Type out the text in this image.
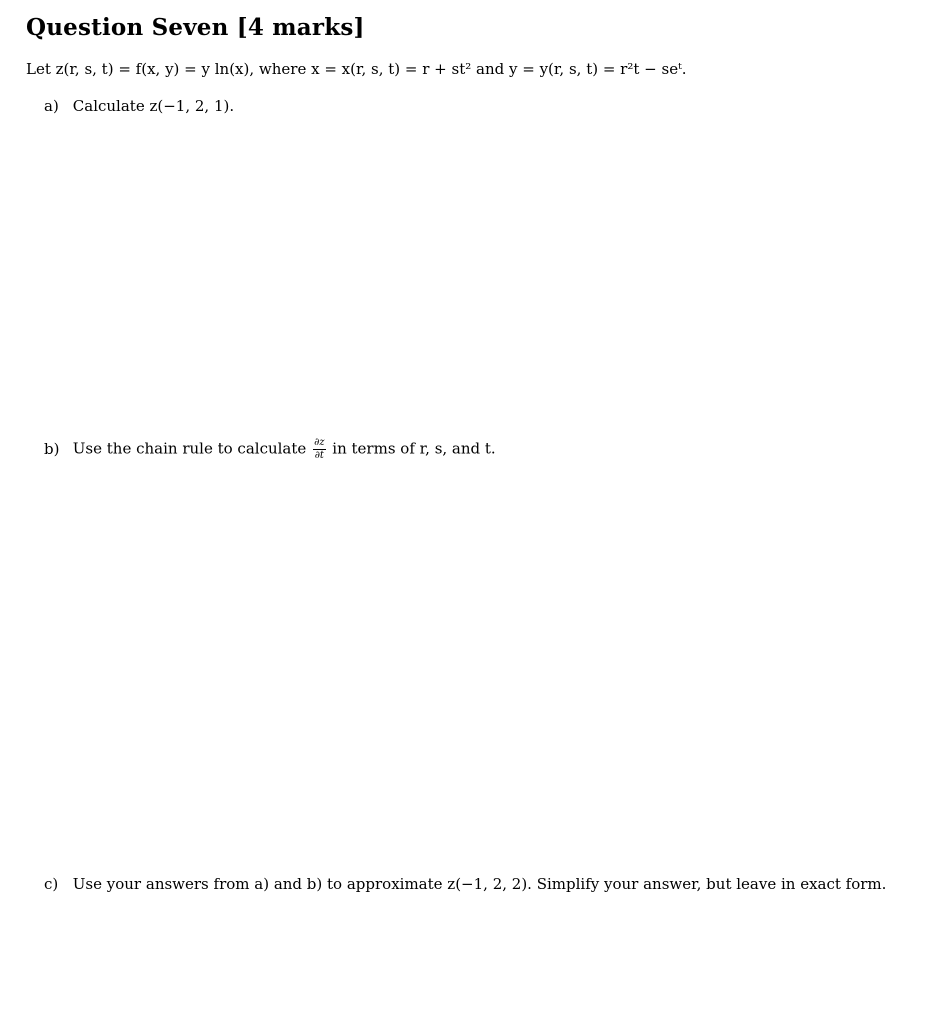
Question Seven [4 marks]
Let z(r, s, t) = f(x, y) = y ln(x), where x = x(r, s, t) = r + st² and y = y(r, s, t) = r²t − seᵗ.
a) Calculate z(−1, 2, 1).
b) Use the chain rule to calculate $\frac{\partial z}{\partial t}$ in terms of r, s, and t.
c) Use your answers from a) and b) to approximate z(−1, 2, 2). Simplify your answer, but leave in exact form.
